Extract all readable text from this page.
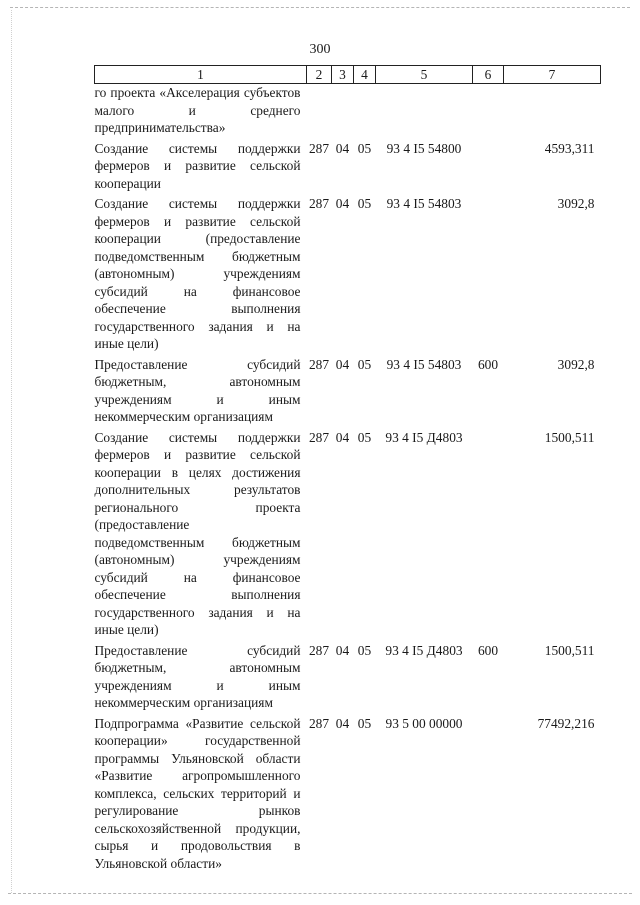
300
1	2	3	4	5	6	7
го проекта «Акселерация субъектов малого и среднего предпринимательства»						
Создание системы поддержки фермеров и развитие сельской кооперации	287	04	05	93 4 I5 54800		4593,311
Создание системы поддержки фермеров и развитие сельской кооперации (предоставление подведомственным бюджетным (автономным) учреждениям субсидий на финансовое обеспечение выполнения государственного задания и на иные цели)	287	04	05	93 4 I5 54803		3092,8
Предоставление субсидий бюджетным, автономным учреждениям и иным некоммерческим организациям	287	04	05	93 4 I5 54803	600	3092,8
Создание системы поддержки фермеров и развитие сельской кооперации в целях достижения дополнительных результатов регионального проекта (предоставление подведомственным бюджетным (автономным) учреждениям субсидий на финансовое обеспечение выполнения государственного задания и на иные цели)	287	04	05	93 4 I5 Д4803		1500,511
Предоставление субсидий бюджетным, автономным учреждениям и иным некоммерческим организациям	287	04	05	93 4 I5 Д4803	600	1500,511
Подпрограмма «Развитие сельской кооперации» государственной программы Ульяновской области «Развитие агропромышленного комплекса, сельских территорий и регулирование рынков сельскохозяйственной продукции, сырья и продовольствия в Ульяновской области»	287	04	05	93 5 00 00000		77492,216
